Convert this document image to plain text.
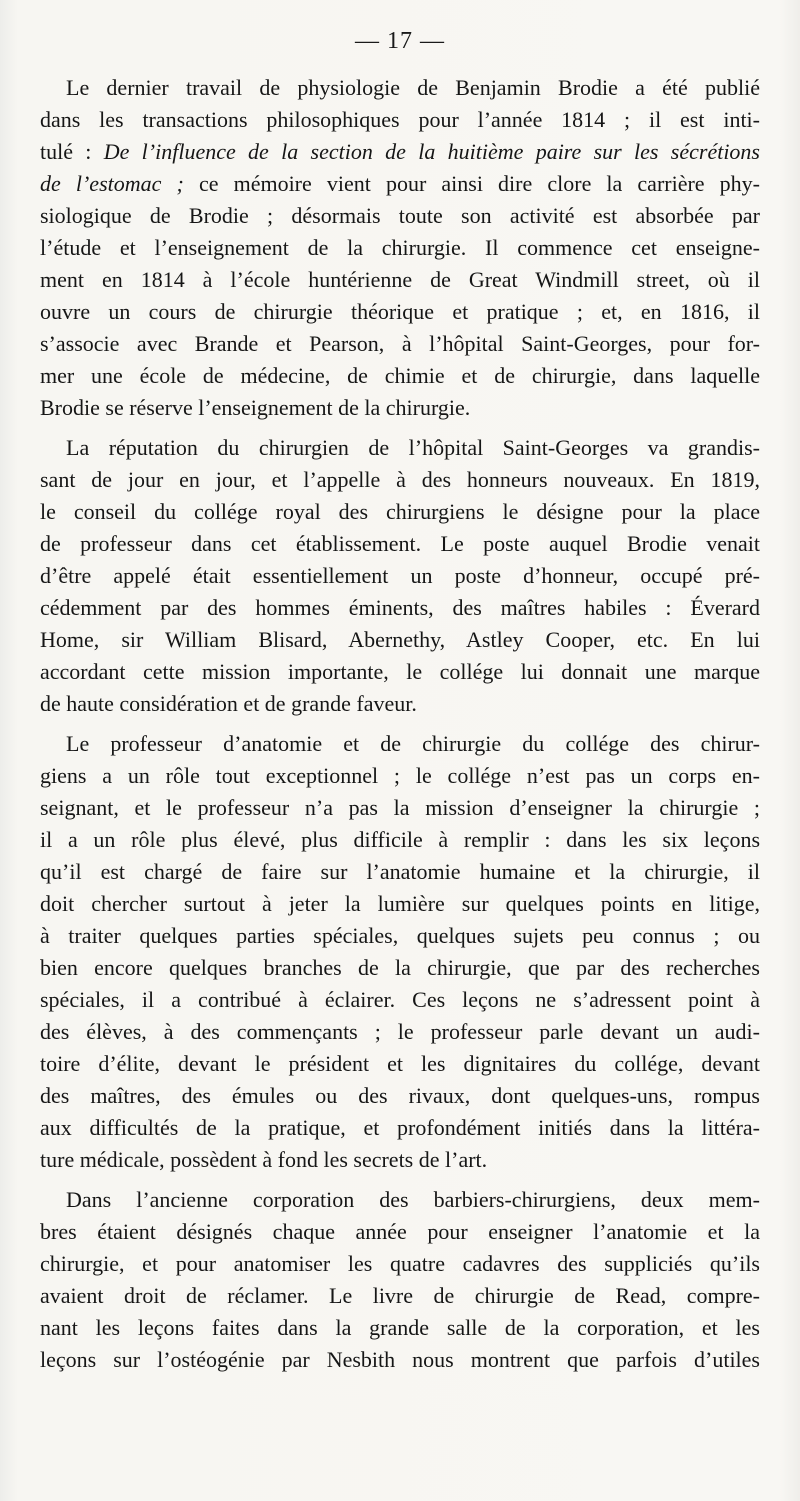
— 17 —
Le dernier travail de physiologie de Benjamin Brodie a été publié
dans les transactions philosophiques pour l’année 1814 ; il est inti-
tulé : De l’influence de la section de la huitième paire sur les sécrétions
de l’estomac ; ce mémoire vient pour ainsi dire clore la carrière phy-
siologique de Brodie ; désormais toute son activité est absorbée par
l’étude et l’enseignement de la chirurgie. Il commence cet enseigne-
ment en 1814 à l’école huntérienne de Great Windmill street, où il
ouvre un cours de chirurgie théorique et pratique ; et, en 1816, il
s’associe avec Brande et Pearson, à l’hôpital Saint-Georges, pour for-
mer une école de médecine, de chimie et de chirurgie, dans laquelle
Brodie se réserve l’enseignement de la chirurgie.
La réputation du chirurgien de l’hôpital Saint-Georges va grandis-
sant de jour en jour, et l’appelle à des honneurs nouveaux. En 1819,
le conseil du collége royal des chirurgiens le désigne pour la place
de professeur dans cet établissement. Le poste auquel Brodie venait
d’être appelé était essentiellement un poste d’honneur, occupé pré-
cédemment par des hommes éminents, des maîtres habiles : Éverard
Home, sir William Blisard, Abernethy, Astley Cooper, etc. En lui
accordant cette mission importante, le collége lui donnait une marque
de haute considération et de grande faveur.
Le professeur d’anatomie et de chirurgie du collége des chirur-
giens a un rôle tout exceptionnel ; le collége n’est pas un corps en-
seignant, et le professeur n’a pas la mission d’enseigner la chirurgie ;
il a un rôle plus élevé, plus difficile à remplir : dans les six leçons
qu’il est chargé de faire sur l’anatomie humaine et la chirurgie, il
doit chercher surtout à jeter la lumière sur quelques points en litige,
à traiter quelques parties spéciales, quelques sujets peu connus ; ou
bien encore quelques branches de la chirurgie, que par des recherches
spéciales, il a contribué à éclairer. Ces leçons ne s’adressent point à
des élèves, à des commençants ; le professeur parle devant un audi-
toire d’élite, devant le président et les dignitaires du collége, devant
des maîtres, des émules ou des rivaux, dont quelques-uns, rompus
aux difficultés de la pratique, et profondément initiés dans la littéra-
ture médicale, possèdent à fond les secrets de l’art.
Dans l’ancienne corporation des barbiers-chirurgiens, deux mem-
bres étaient désignés chaque année pour enseigner l’anatomie et la
chirurgie, et pour anatomiser les quatre cadavres des suppliciés qu’ils
avaient droit de réclamer. Le livre de chirurgie de Read, compre-
nant les leçons faites dans la grande salle de la corporation, et les
leçons sur l’ostéogénie par Nesbith nous montrent que parfois d’utiles
